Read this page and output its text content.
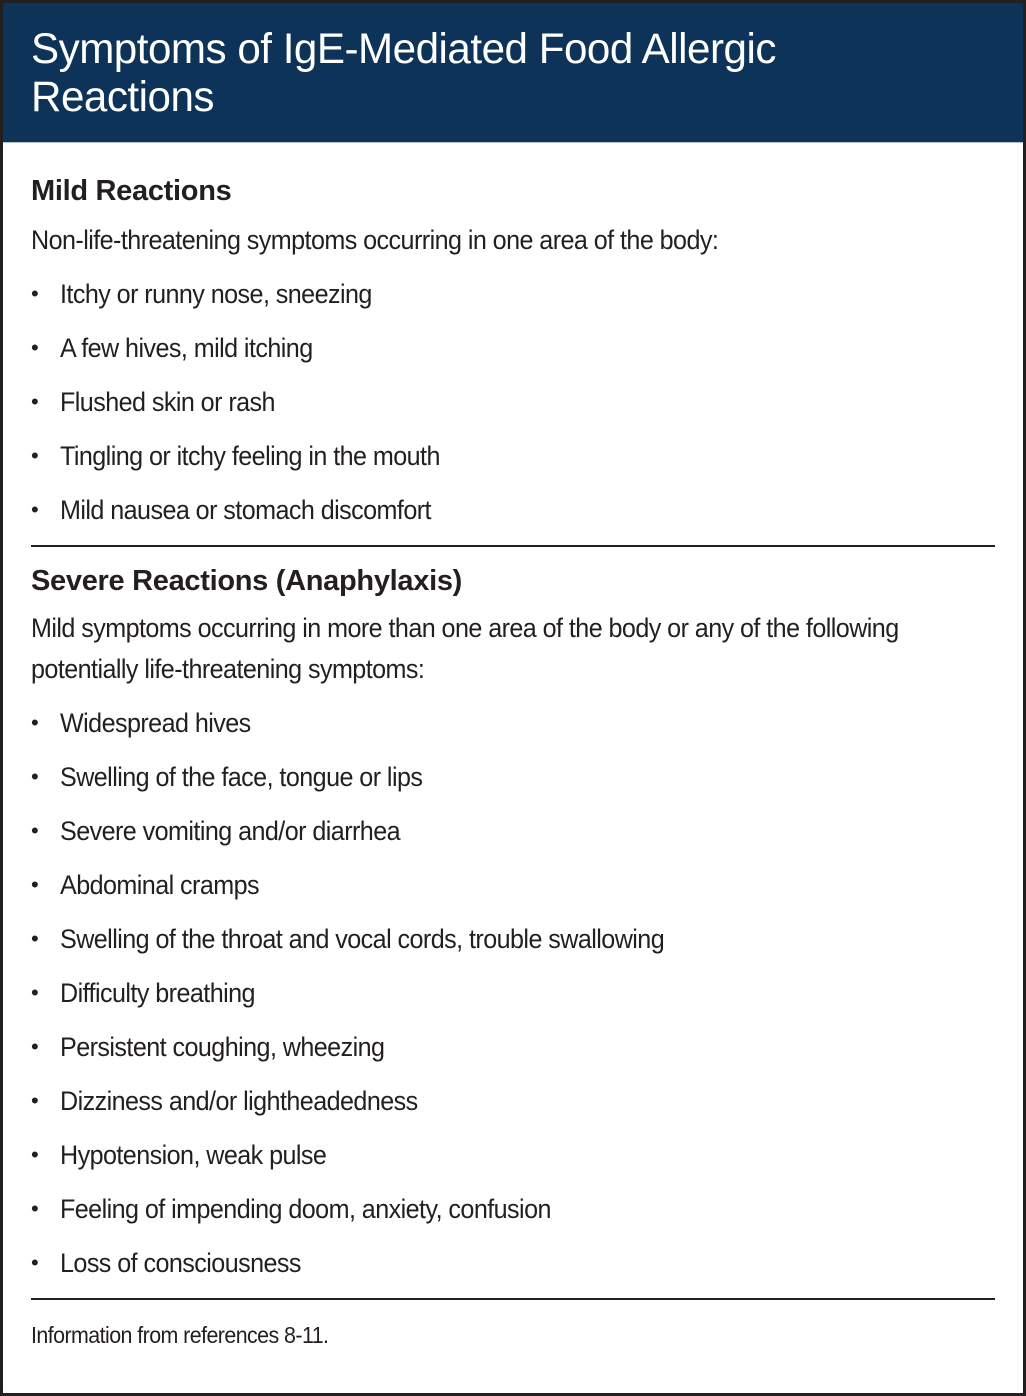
Symptoms of IgE-Mediated Food Allergic
Reactions
Mild Reactions

Non-life-threatening symptoms occurring in one area of the body:

• Itchy or runny nose, sneezing
• A few hives, mild itching
• Flushed skin or rash
• Tingling or itchy feeling in the mouth
• Mild nausea or stomach discomfort
Severe Reactions (Anaphylaxis)

Mild symptoms occurring in more than one area of the body or any of the following potentially life-threatening symptoms:

• Widespread hives
• Swelling of the face, tongue or lips
• Severe vomiting and/or diarrhea
• Abdominal cramps
• Swelling of the throat and vocal cords, trouble swallowing
• Difficulty breathing
• Persistent coughing, wheezing
• Dizziness and/or lightheadedness
• Hypotension, weak pulse
• Feeling of impending doom, anxiety, confusion
• Loss of consciousness

Information from references 8-11.
